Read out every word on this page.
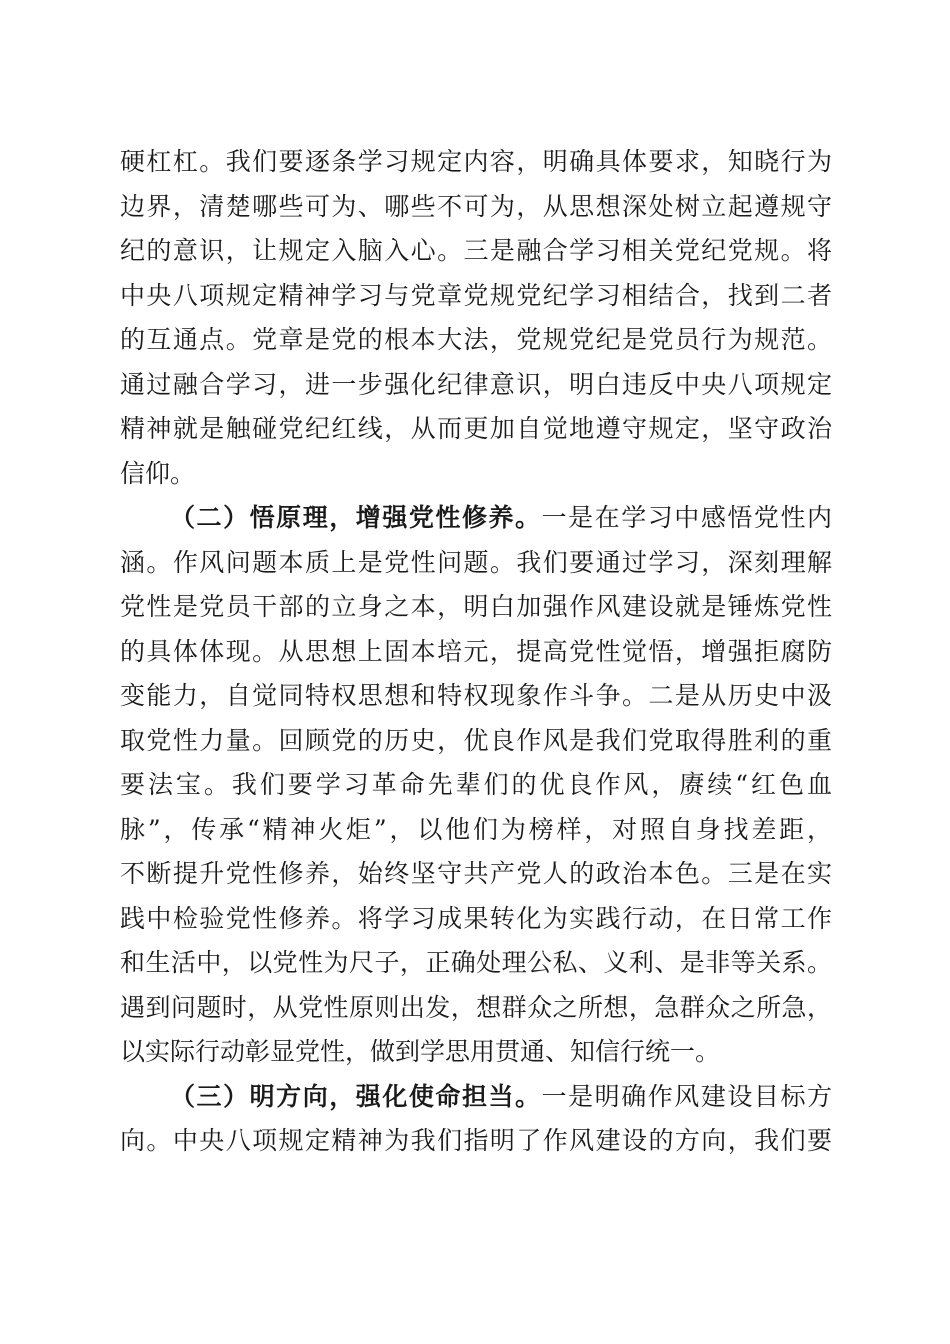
硬杠杠。我们要逐条学习规定内容，明确具体要求，知晓行为
边界，清楚哪些可为、哪些不可为，从思想深处树立起遵规守
纪的意识，让规定入脑入心。三是融合学习相关党纪党规。将
中央八项规定精神学习与党章党规党纪学习相结合，找到二者
的互通点。党章是党的根本大法，党规党纪是党员行为规范。
通过融合学习，进一步强化纪律意识，明白违反中央八项规定
精神就是触碰党纪红线，从而更加自觉地遵守规定，坚守政治
信仰。
（二）悟原理，增强党性修养。一是在学习中感悟党性内
涵。作风问题本质上是党性问题。我们要通过学习，深刻理解
党性是党员干部的立身之本，明白加强作风建设就是锤炼党性
的具体体现。从思想上固本培元，提高党性觉悟，增强拒腐防
变能力，自觉同特权思想和特权现象作斗争。二是从历史中汲
取党性力量。回顾党的历史，优良作风是我们党取得胜利的重
要法宝。我们要学习革命先辈们的优良作风，赓续“红色血
脉”，传承“精神火炬”，以他们为榜样，对照自身找差距，
不断提升党性修养，始终坚守共产党人的政治本色。三是在实
践中检验党性修养。将学习成果转化为实践行动，在日常工作
和生活中，以党性为尺子，正确处理公私、义利、是非等关系。
遇到问题时，从党性原则出发，想群众之所想，急群众之所急，
以实际行动彰显党性，做到学思用贯通、知信行统一。
（三）明方向，强化使命担当。一是明确作风建设目标方
向。中央八项规定精神为我们指明了作风建设的方向，我们要
